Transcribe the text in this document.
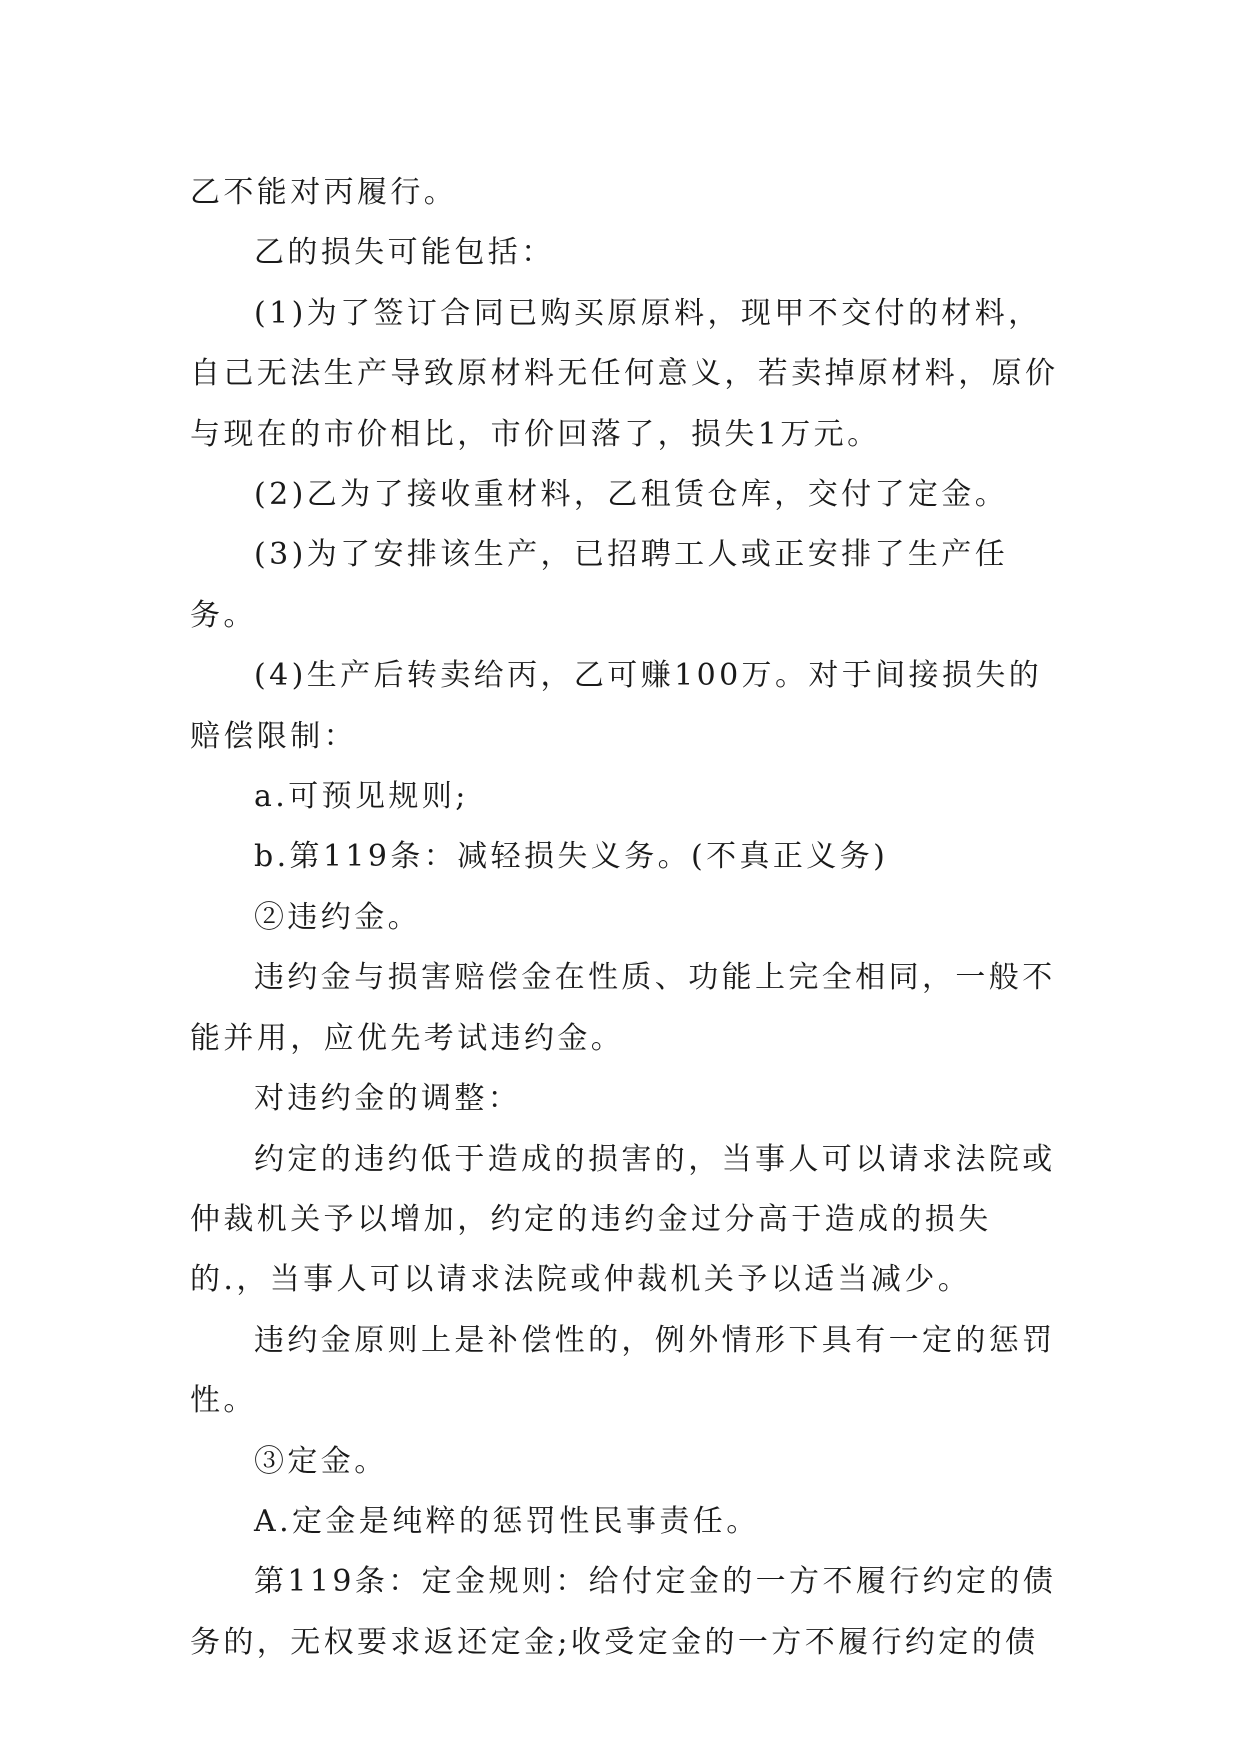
乙不能对丙履行。

乙的损失可能包括：

(1)为了签订合同已购买原原料，现甲不交付的材料，自己无法生产导致原材料无任何意义，若卖掉原材料，原价与现在的市价相比，市价回落了，损失1万元。

(2)乙为了接收重材料，乙租赁仓库，交付了定金。

(3)为了安排该生产，已招聘工人或正安排了生产任务。

(4)生产后转卖给丙，乙可赚100万。对于间接损失的赔偿限制：

a.可预见规则;

b.第119条：减轻损失义务。(不真正义务)

②违约金。

违约金与损害赔偿金在性质、功能上完全相同，一般不能并用，应优先考试违约金。

对违约金的调整：

约定的违约低于造成的损害的，当事人可以请求法院或仲裁机关予以增加，约定的违约金过分高于造成的损失的.，当事人可以请求法院或仲裁机关予以适当减少。

违约金原则上是补偿性的，例外情形下具有一定的惩罚性。

③定金。

A.定金是纯粹的惩罚性民事责任。

第119条：定金规则：给付定金的一方不履行约定的债务的，无权要求返还定金;收受定金的一方不履行约定的债
